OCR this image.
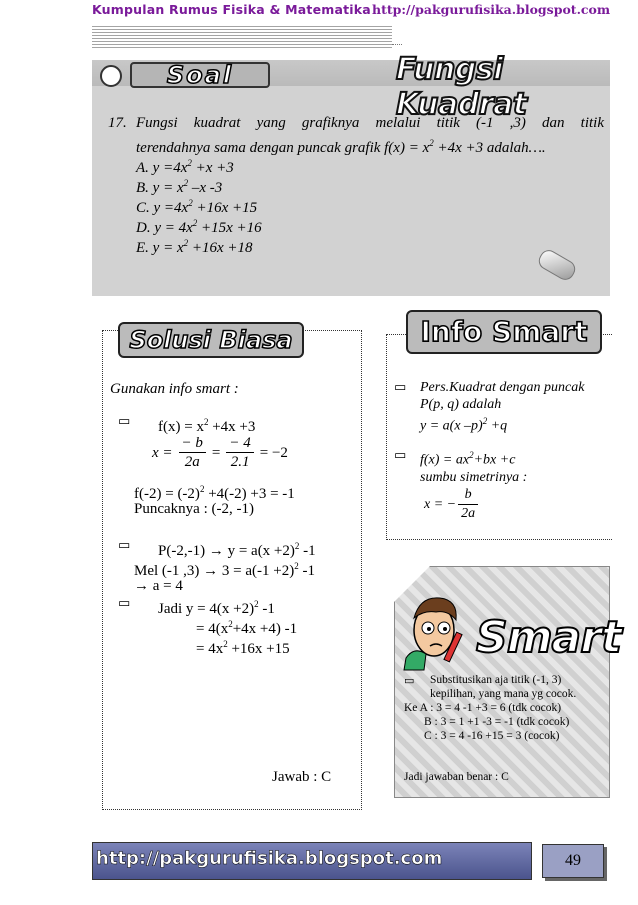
Kumpulan Rumus Fisika & Matematika http://pakgurufisika.blogspot.com
Soal	Fungsi Kuadrat
17. Fungsi kuadrat yang grafiknya melalui titik (-1 ,3) dan titik
terendahnya sama dengan puncak grafik $f(x) = x^2 +4x +3$ adalah….
A. $y =4x^2 +x +3$
B. $y = x^2$ –x -3
C. $y =4x^2 +16x +15$
D. $y = 4x^2 +15x +16$
E. $y = x^2 +16x +18$
Solusi Biasa
Gunakan info smart :
▭ $f(x) = x^2 +4x +3$
$x = \frac{- b}{2a} = \frac{- 4}{2.1} = -2$
$f(-2) = (-2)^2 +4(-2) +3 = -1$
Puncaknya : (-2, -1)
▭ $P(-2,-1) \to y = a(x +2)^2$ -1
Mel (-1 $,3) \to 3 = a(-1 +2)^2$ -1
→ a = 4
▭ Jadi $y = 4(x +2)^2$ -1
= $4(x^2+4x +4)$ -1
= $4x^2 +16x +15$
Jawab : C
Info Smart
▭ Pers.Kuadrat dengan puncak
P(p, q) adalah
y = a(x –p)$^2$ +q
▭ $f(x) = ax^2+bx +c$
sumbu simetrinya :
x = − $\frac{b}{2a}$
Smart
▭ Substitusikan aja titik (-1, 3)
kepilihan, yang mana yg cocok.
Ke A : 3 = 4 -1 +3 = 6 (tdk cocok)
B : 3 = 1 +1 -3 = -1 (tdk cocok)
C : 3 = 4 -16 +15 = 3 (cocok)
Jadi jawaban benar : C
http://pakgurufisika.blogspot.com	49
